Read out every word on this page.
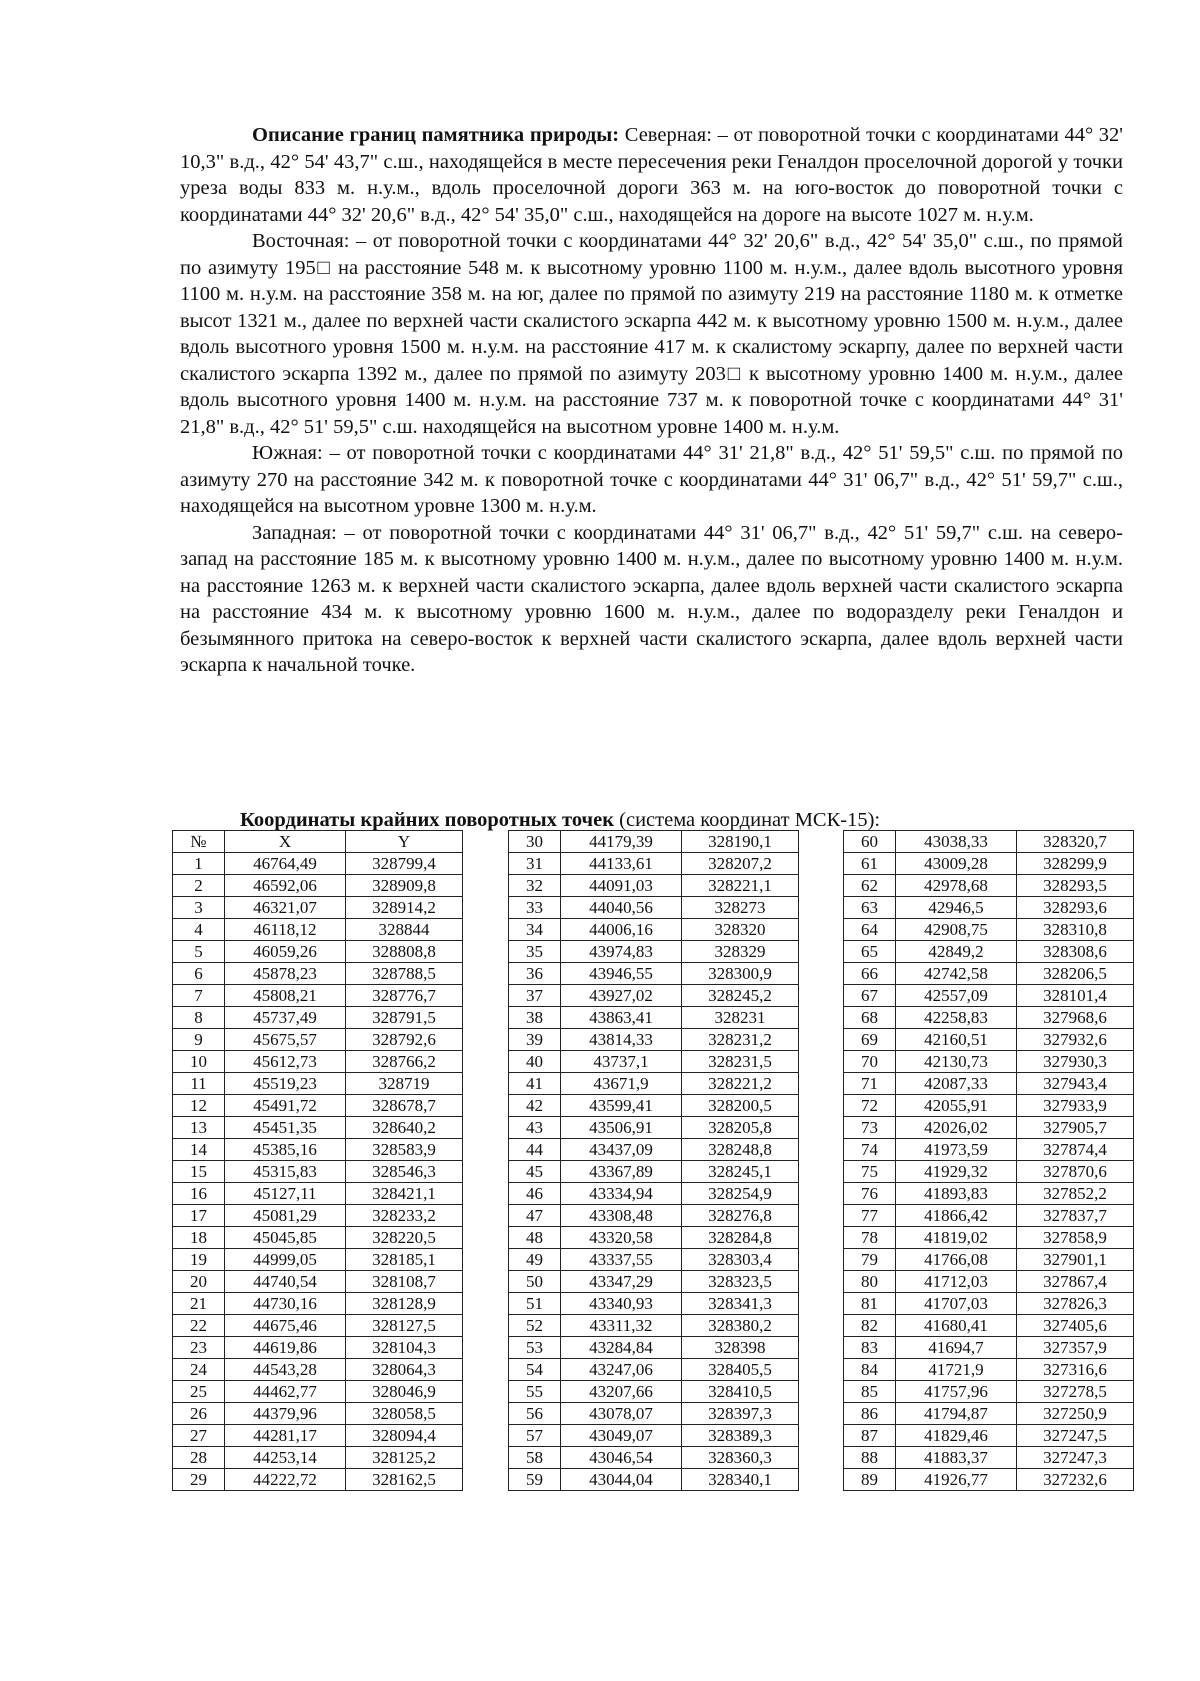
Описание границ памятника природы: Северная: – от поворотной точки с координатами 44° 32' 10,3" в.д., 42° 54' 43,7" с.ш., находящейся в месте пересечения реки Геналдон проселочной дорогой у точки уреза воды 833 м. н.у.м., вдоль проселочной дороги 363 м. на юго-восток до поворотной точки с координатами 44° 32' 20,6" в.д., 42° 54' 35,0" с.ш., находящейся на дороге на высоте 1027 м. н.у.м.

Восточная: – от поворотной точки с координатами 44° 32' 20,6" в.д., 42° 54' 35,0" с.ш., по прямой по азимуту 195□ на расстояние 548 м. к высотному уровню 1100 м. н.у.м., далее вдоль высотного уровня 1100 м. н.у.м. на расстояние 358 м. на юг, далее по прямой по азимуту 219 на расстояние 1180 м. к отметке высот 1321 м., далее по верхней части скалистого эскарпа 442 м. к высотному уровню 1500 м. н.у.м., далее вдоль высотного уровня 1500 м. н.у.м. на расстояние 417 м. к скалистому эскарпу, далее по верхней части скалистого эскарпа 1392 м., далее по прямой по азимуту 203□ к высотному уровню 1400 м. н.у.м., далее вдоль высотного уровня 1400 м. н.у.м. на расстояние 737 м. к поворотной точке с координатами 44° 31' 21,8" в.д., 42° 51' 59,5" с.ш. находящейся на высотном уровне 1400 м. н.у.м.

Южная: – от поворотной точки с координатами 44° 31' 21,8" в.д., 42° 51' 59,5" с.ш. по прямой по азимуту 270 на расстояние 342 м. к поворотной точке с координатами 44° 31' 06,7" в.д., 42° 51' 59,7" с.ш., находящейся на высотном уровне 1300 м. н.у.м.

Западная: – от поворотной точки с координатами 44° 31' 06,7" в.д., 42° 51' 59,7" с.ш. на северо-запад на расстояние 185 м. к высотному уровню 1400 м. н.у.м., далее по высотному уровню 1400 м. н.у.м. на расстояние 1263 м. к верхней части скалистого эскарпа, далее вдоль верхней части скалистого эскарпа на расстояние 434 м. к высотному уровню 1600 м. н.у.м., далее по водоразделу реки Геналдон и безымянного притока на северо-восток к верхней части скалистого эскарпа, далее вдоль верхней части эскарпа к начальной точке.

Координаты крайних поворотных точек (система координат МСК-15):
№	X	Y
1	46764,49	328799,4
2	46592,06	328909,8
3	46321,07	328914,2
4	46118,12	328844
5	46059,26	328808,8
6	45878,23	328788,5
7	45808,21	328776,7
8	45737,49	328791,5
9	45675,57	328792,6
10	45612,73	328766,2
11	45519,23	328719
12	45491,72	328678,7
13	45451,35	328640,2
14	45385,16	328583,9
15	45315,83	328546,3
16	45127,11	328421,1
17	45081,29	328233,2
18	45045,85	328220,5
19	44999,05	328185,1
20	44740,54	328108,7
21	44730,16	328128,9
22	44675,46	328127,5
23	44619,86	328104,3
24	44543,28	328064,3
25	44462,77	328046,9
26	44379,96	328058,5
27	44281,17	328094,4
28	44253,14	328125,2
29	44222,72	328162,5
30	44179,39	328190,1
31	44133,61	328207,2
32	44091,03	328221,1
33	44040,56	328273
34	44006,16	328320
35	43974,83	328329
36	43946,55	328300,9
37	43927,02	328245,2
38	43863,41	328231
39	43814,33	328231,2
40	43737,1	328231,5
41	43671,9	328221,2
42	43599,41	328200,5
43	43506,91	328205,8
44	43437,09	328248,8
45	43367,89	328245,1
46	43334,94	328254,9
47	43308,48	328276,8
48	43320,58	328284,8
49	43337,55	328303,4
50	43347,29	328323,5
51	43340,93	328341,3
52	43311,32	328380,2
53	43284,84	328398
54	43247,06	328405,5
55	43207,66	328410,5
56	43078,07	328397,3
57	43049,07	328389,3
58	43046,54	328360,3
59	43044,04	328340,1
60	43038,33	328320,7
61	43009,28	328299,9
62	42978,68	328293,5
63	42946,5	328293,6
64	42908,75	328310,8
65	42849,2	328308,6
66	42742,58	328206,5
67	42557,09	328101,4
68	42258,83	327968,6
69	42160,51	327932,6
70	42130,73	327930,3
71	42087,33	327943,4
72	42055,91	327933,9
73	42026,02	327905,7
74	41973,59	327874,4
75	41929,32	327870,6
76	41893,83	327852,2
77	41866,42	327837,7
78	41819,02	327858,9
79	41766,08	327901,1
80	41712,03	327867,4
81	41707,03	327826,3
82	41680,41	327405,6
83	41694,7	327357,9
84	41721,9	327316,6
85	41757,96	327278,5
86	41794,87	327250,9
87	41829,46	327247,5
88	41883,37	327247,3
89	41926,77	327232,6
